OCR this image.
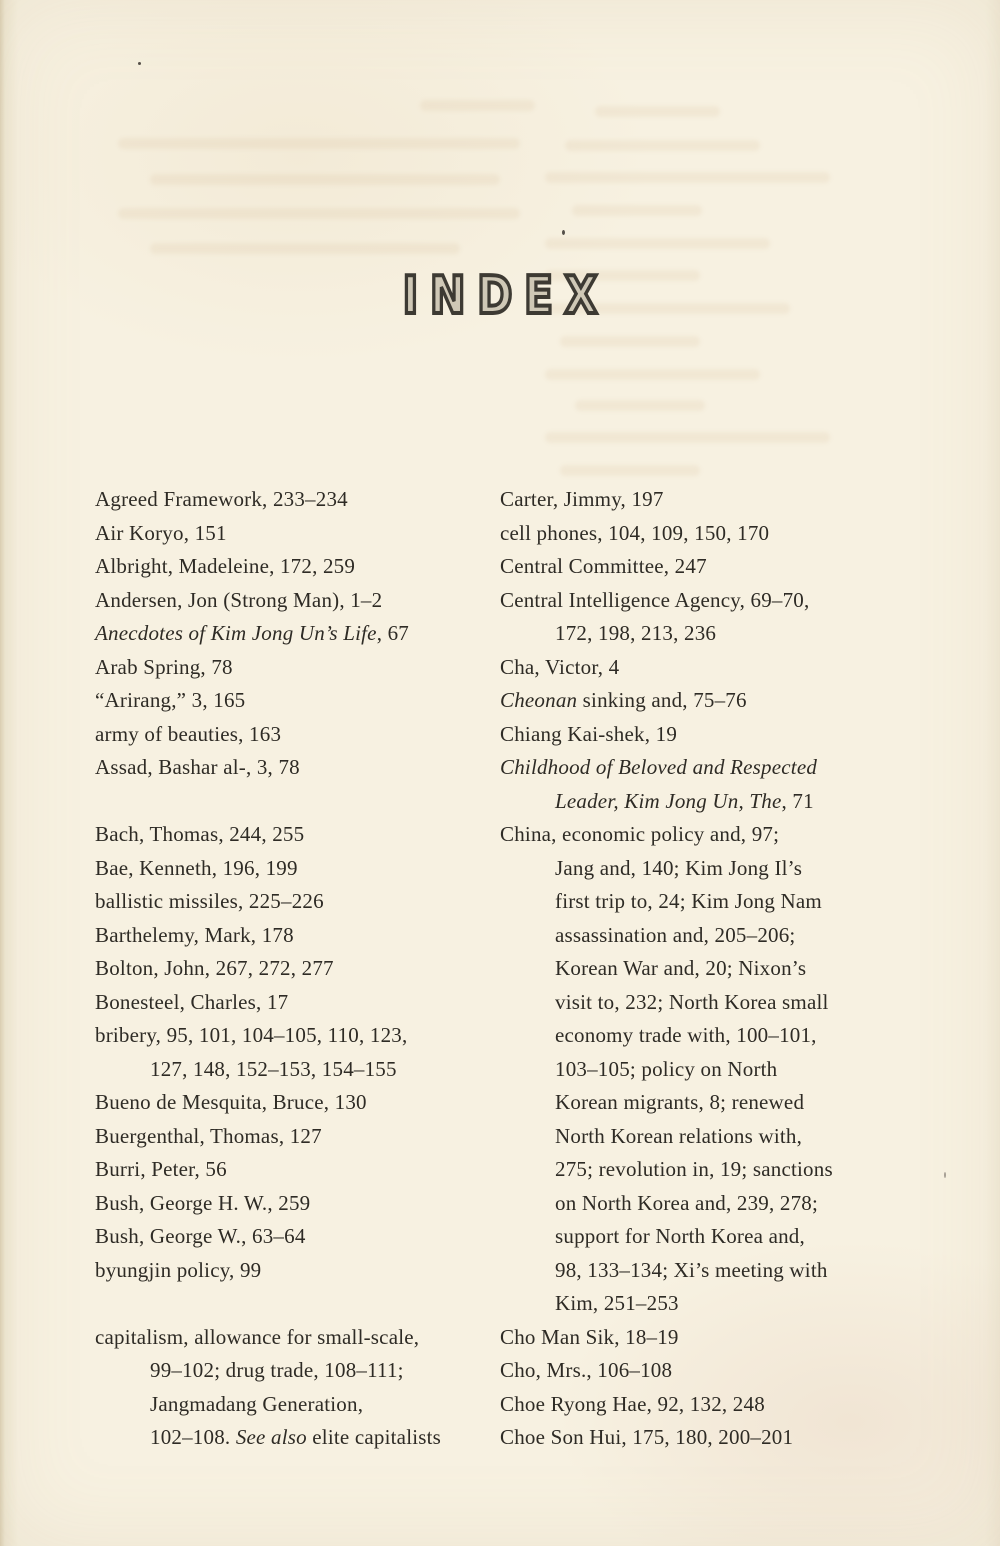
INDEX
Agreed Framework, 233–234
Air Koryo, 151
Albright, Madeleine, 172, 259
Andersen, Jon (Strong Man), 1–2
Anecdotes of Kim Jong Un’s Life, 67
Arab Spring, 78
“Arirang,” 3, 165
army of beauties, 163
Assad, Bashar al-, 3, 78
Bach, Thomas, 244, 255
Bae, Kenneth, 196, 199
ballistic missiles, 225–226
Barthelemy, Mark, 178
Bolton, John, 267, 272, 277
Bonesteel, Charles, 17
bribery, 95, 101, 104–105, 110, 123,
127, 148, 152–153, 154–155
Bueno de Mesquita, Bruce, 130
Buergenthal, Thomas, 127
Burri, Peter, 56
Bush, George H. W., 259
Bush, George W., 63–64
byungjin policy, 99
capitalism, allowance for small-scale,
99–102; drug trade, 108–111;
Jangmadang Generation,
102–108. See also elite capitalists
Carter, Jimmy, 197
cell phones, 104, 109, 150, 170
Central Committee, 247
Central Intelligence Agency, 69–70,
172, 198, 213, 236
Cha, Victor, 4
Cheonan sinking and, 75–76
Chiang Kai-shek, 19
Childhood of Beloved and Respected
Leader, Kim Jong Un, The, 71
China, economic policy and, 97;
Jang and, 140; Kim Jong Il’s
first trip to, 24; Kim Jong Nam
assassination and, 205–206;
Korean War and, 20; Nixon’s
visit to, 232; North Korea small
economy trade with, 100–101,
103–105; policy on North
Korean migrants, 8; renewed
North Korean relations with,
275; revolution in, 19; sanctions
on North Korea and, 239, 278;
support for North Korea and,
98, 133–134; Xi’s meeting with
Kim, 251–253
Cho Man Sik, 18–19
Cho, Mrs., 106–108
Choe Ryong Hae, 92, 132, 248
Choe Son Hui, 175, 180, 200–201
